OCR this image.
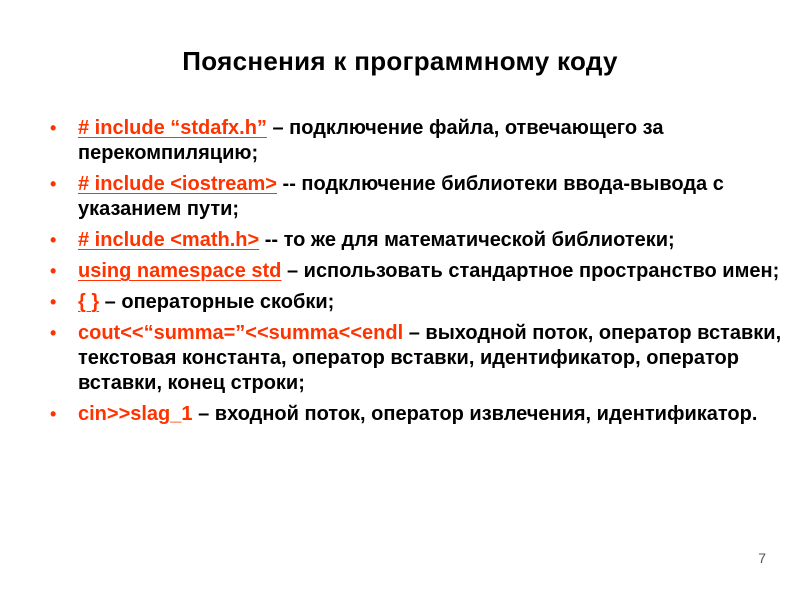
Пояснения к программному коду
• # include “stdafx.h” – подключение файла, отвечающего за перекомпиляцию;
• # include <iostream> -- подключение библиотеки ввода-вывода с указанием пути;
• # include <math.h> -- то же для математической библиотеки;
• using namespace std – использовать стандартное пространство имен;
• { } – операторные скобки;
• cout<<“summa=”<<summa<<endl – выходной поток, оператор вставки, текстовая константа, оператор вставки, идентификатор, оператор вставки, конец строки;
• cin>>slag_1 – входной поток, оператор извлечения, идентификатор.
7
